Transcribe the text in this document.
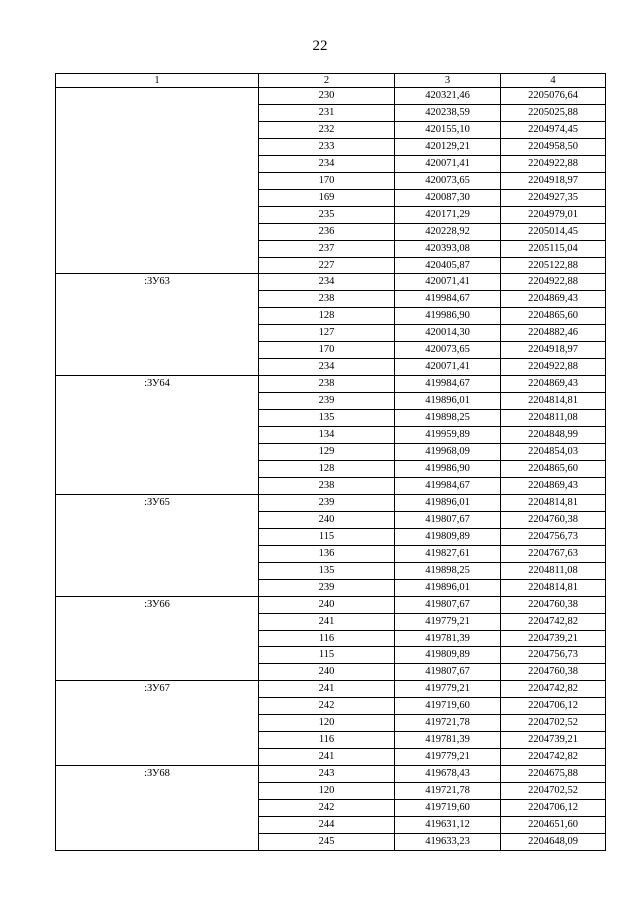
22
1	2	3	4
	230	420321,46	2205076,64
	231	420238,59	2205025,88
	232	420155,10	2204974,45
	233	420129,21	2204958,50
	234	420071,41	2204922,88
	170	420073,65	2204918,97
	169	420087,30	2204927,35
	235	420171,29	2204979,01
	236	420228,92	2205014,45
	237	420393,08	2205115,04
	227	420405,87	2205122,88
:ЗУ63	234	420071,41	2204922,88
	238	419984,67	2204869,43
	128	419986,90	2204865,60
	127	420014,30	2204882,46
	170	420073,65	2204918,97
	234	420071,41	2204922,88
:ЗУ64	238	419984,67	2204869,43
	239	419896,01	2204814,81
	135	419898,25	2204811,08
	134	419959,89	2204848,99
	129	419968,09	2204854,03
	128	419986,90	2204865,60
	238	419984,67	2204869,43
:ЗУ65	239	419896,01	2204814,81
	240	419807,67	2204760,38
	115	419809,89	2204756,73
	136	419827,61	2204767,63
	135	419898,25	2204811,08
	239	419896,01	2204814,81
:ЗУ66	240	419807,67	2204760,38
	241	419779,21	2204742,82
	116	419781,39	2204739,21
	115	419809,89	2204756,73
	240	419807,67	2204760,38
:ЗУ67	241	419779,21	2204742,82
	242	419719,60	2204706,12
	120	419721,78	2204702,52
	116	419781,39	2204739,21
	241	419779,21	2204742,82
:ЗУ68	243	419678,43	2204675,88
	120	419721,78	2204702,52
	242	419719,60	2204706,12
	244	419631,12	2204651,60
	245	419633,23	2204648,09
